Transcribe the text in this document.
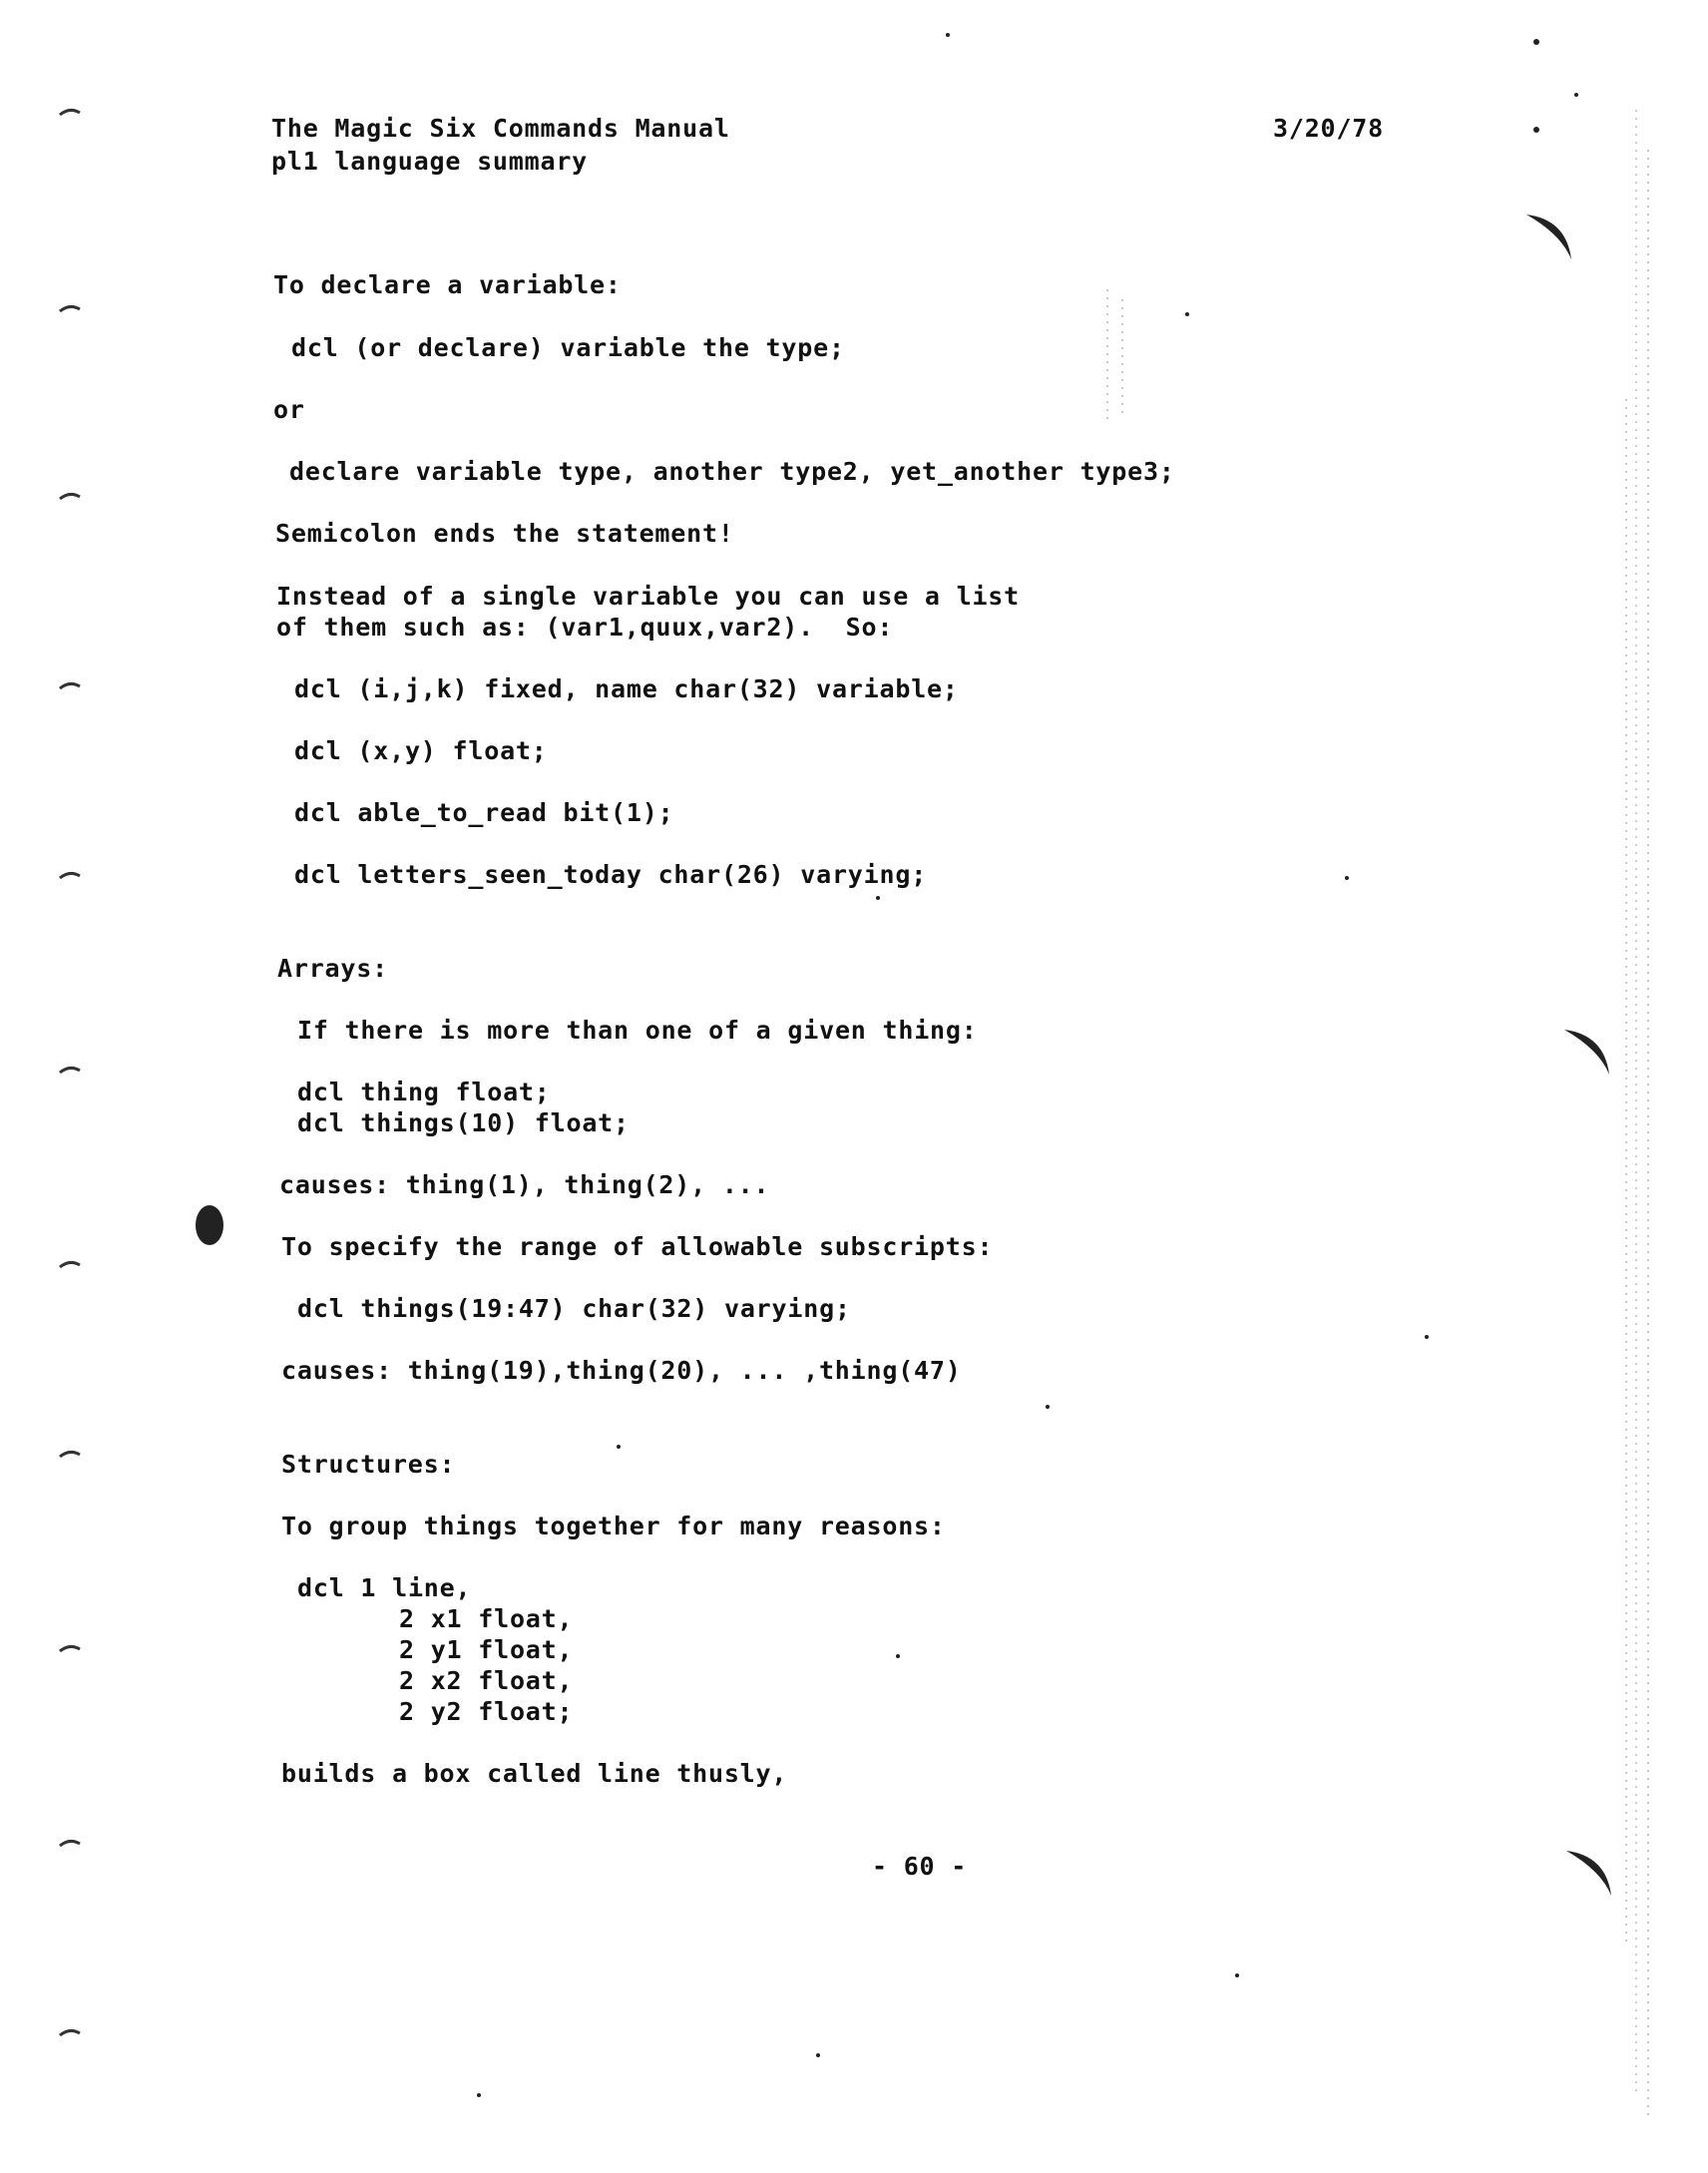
The Magic Six Commands Manual
pl1 language summary
3/20/78
To declare a variable:
dcl (or declare) variable the type;
or
declare variable type, another type2, yet_another type3;
Semicolon ends the statement!
Instead of a single variable you can use a list
of them such as: (var1,quux,var2).  So:
dcl (i,j,k) fixed, name char(32) variable;
dcl (x,y) float;
dcl able_to_read bit(1);
dcl letters_seen_today char(26) varying;
Arrays:
If there is more than one of a given thing:
dcl thing float;
dcl things(10) float;
causes: thing(1), thing(2), ...
To specify the range of allowable subscripts:
dcl things(19:47) char(32) varying;
causes: thing(19),thing(20), ... ,thing(47)
Structures:
To group things together for many reasons:
dcl 1 line,
2 x1 float,
2 y1 float,
2 x2 float,
2 y2 float;
builds a box called line thusly,
- 60 -
